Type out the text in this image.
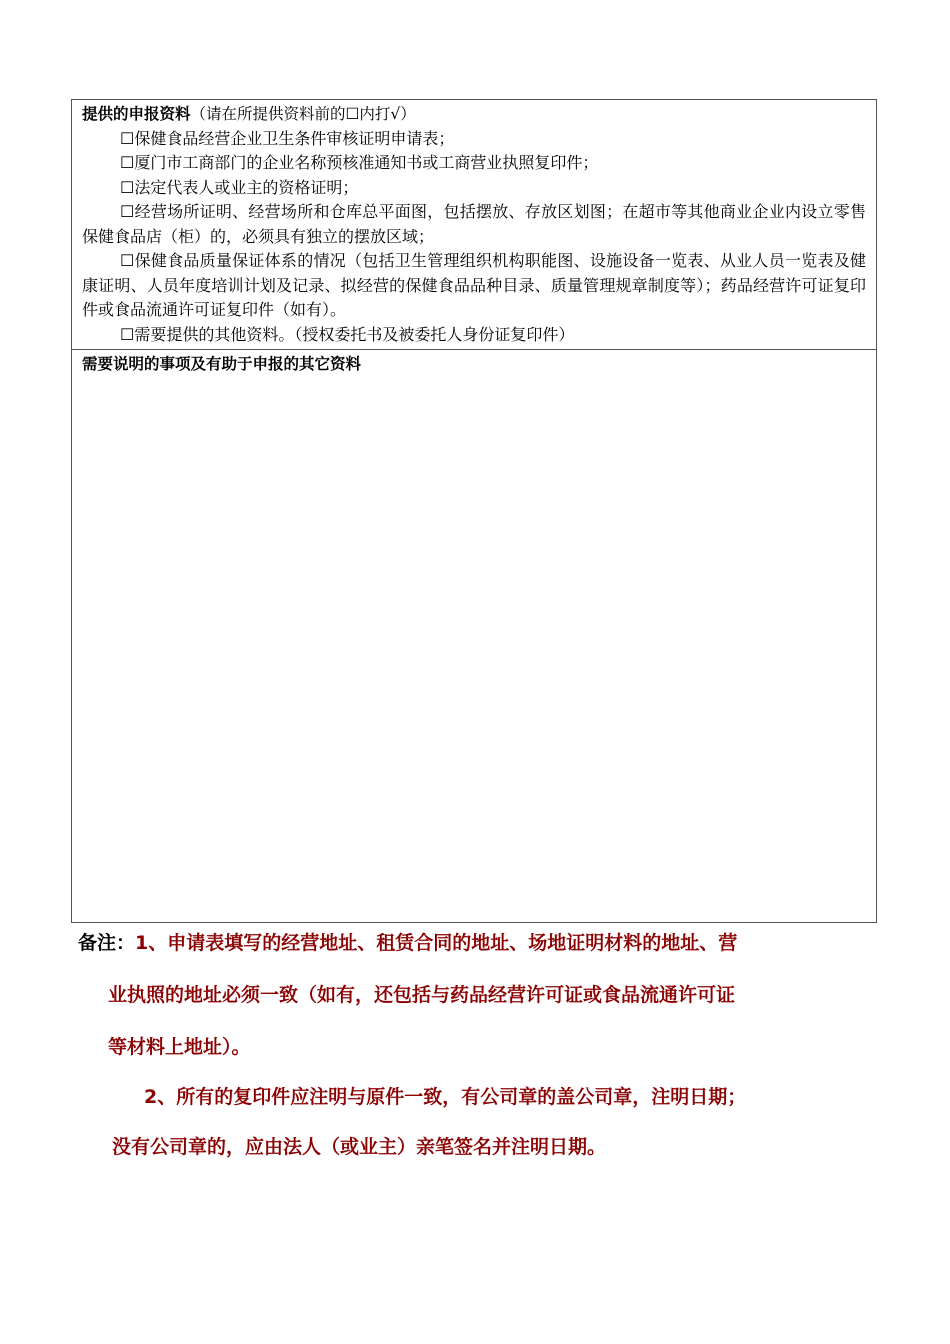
提供的申报资料（请在所提供资料前的☐内打√）

☐保健食品经营企业卫生条件审核证明申请表；

☐厦门市工商部门的企业名称预核准通知书或工商营业执照复印件；

☐法定代表人或业主的资格证明；

☐经营场所证明、经营场所和仓库总平面图，包括摆放、存放区划图；在超市等其他商业企业内设立零售保健食品店（柜）的，必须具有独立的摆放区域；

☐保健食品质量保证体系的情况（包括卫生管理组织机构职能图、设施设备一览表、从业人员一览表及健康证明、人员年度培训计划及记录、拟经营的保健食品品种目录、质量管理规章制度等）；药品经营许可证复印件或食品流通许可证复印件（如有）。

☐需要提供的其他资料。（授权委托书及被委托人身份证复印件）

需要说明的事项及有助于申报的其它资料
备注：1、申请表填写的经营地址、租赁合同的地址、场地证明材料的地址、营
业执照的地址必须一致（如有，还包括与药品经营许可证或食品流通许可证
等材料上地址）。
2、所有的复印件应注明与原件一致，有公司章的盖公司章，注明日期；
没有公司章的，应由法人（或业主）亲笔签名并注明日期。
